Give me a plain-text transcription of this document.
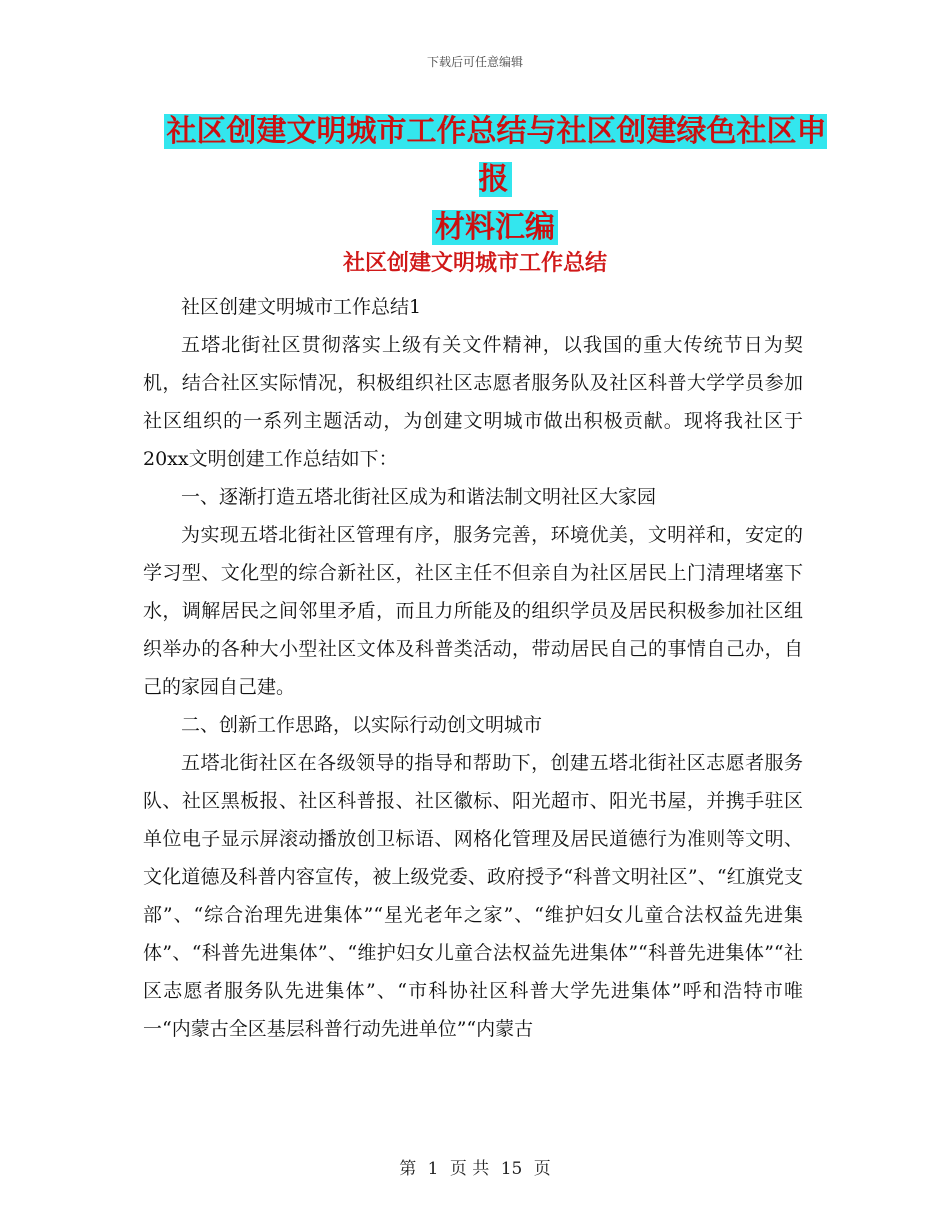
下载后可任意编辑
社区创建文明城市工作总结与社区创建绿色社区申报
材料汇编
社区创建文明城市工作总结

社区创建文明城市工作总结1

五塔北街社区贯彻落实上级有关文件精神，以我国的重大传统节日为契机，结合社区实际情况，积极组织社区志愿者服务队及社区科普大学学员参加社区组织的一系列主题活动，为创建文明城市做出积极贡献。现将我社区于20xx文明创建工作总结如下：

一、逐渐打造五塔北街社区成为和谐法制文明社区大家园

为实现五塔北街社区管理有序，服务完善，环境优美，文明祥和，安定的学习型、文化型的综合新社区，社区主任不但亲自为社区居民上门清理堵塞下水，调解居民之间邻里矛盾，而且力所能及的组织学员及居民积极参加社区组织举办的各种大小型社区文体及科普类活动，带动居民自己的事情自己办，自己的家园自己建。

二、创新工作思路，以实际行动创文明城市

五塔北街社区在各级领导的指导和帮助下，创建五塔北街社区志愿者服务队、社区黑板报、社区科普报、社区徽标、阳光超市、阳光书屋，并携手驻区单位电子显示屏滚动播放创卫标语、网格化管理及居民道德行为准则等文明、文化道德及科普内容宣传，被上级党委、政府授予“科普文明社区”、“红旗党支部”、“综合治理先进集体”“星光老年之家”、“维护妇女儿童合法权益先进集体”、“科普先进集体”、“维护妇女儿童合法权益先进集体”“科普先进集体”“社区志愿者服务队先进集体”、“市科协社区科普大学先进集体”呼和浩特市唯一“内蒙古全区基层科普行动先进单位”“内蒙古

第 1 页 共 15 页
